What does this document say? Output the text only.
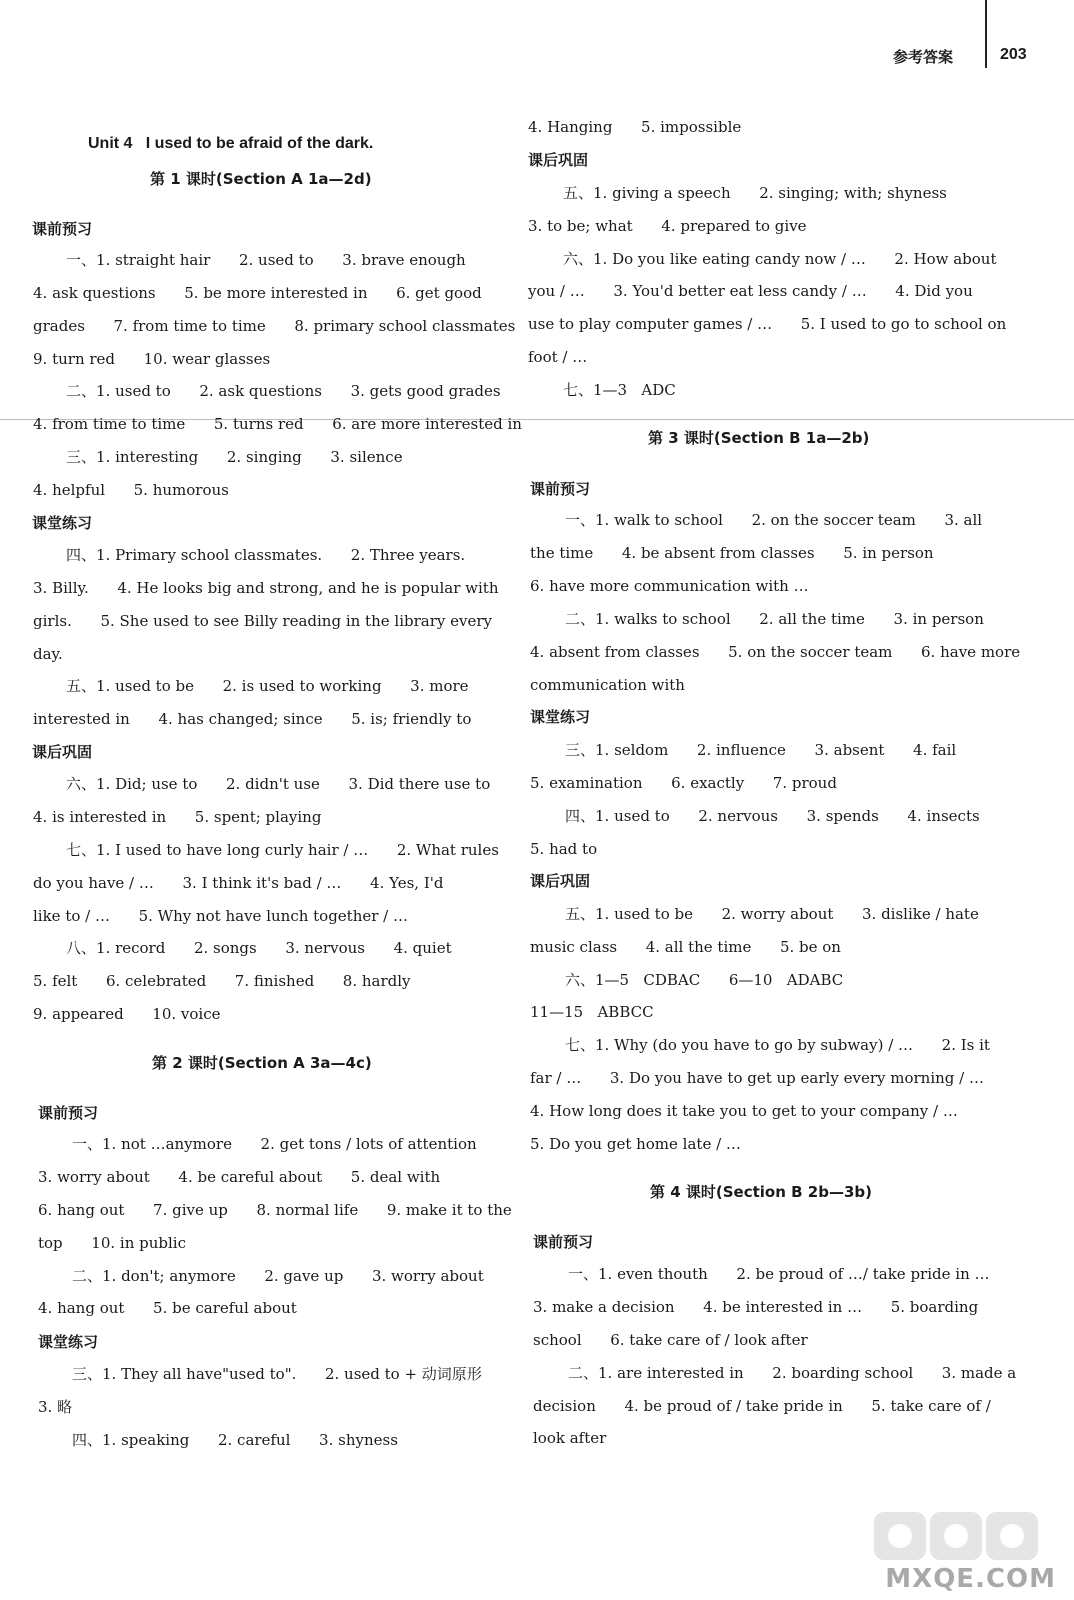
参考答案	203
Unit 4   I used to be afraid of the dark.
第 1 课时(Section A 1a—2d)
课前预习
一、1. straight hair      2. used to      3. brave enough
4. ask questions      5. be more interested in      6. get good
grades      7. from time to time      8. primary school classmates
9. turn red      10. wear glasses
二、1. used to      2. ask questions      3. gets good grades
4. from time to time      5. turns red      6. are more interested in
三、1. interesting      2. singing      3. silence
4. helpful      5. humorous
课堂练习
四、1. Primary school classmates.      2. Three years.
3. Billy.      4. He looks big and strong, and he is popular with
girls.      5. She used to see Billy reading in the library every
day.
五、1. used to be      2. is used to working      3. more
interested in      4. has changed; since      5. is; friendly to
课后巩固
六、1. Did; use to      2. didn't use      3. Did there use to
4. is interested in      5. spent; playing
七、1. I used to have long curly hair / …      2. What rules
do you have / …      3. I think it's bad / …      4. Yes, I'd
like to / …      5. Why not have lunch together / …
八、1. record      2. songs      3. nervous      4. quiet
5. felt      6. celebrated      7. finished      8. hardly
9. appeared      10. voice
第 2 课时(Section A 3a—4c)
课前预习
一、1. not …anymore      2. get tons / lots of attention
3. worry about      4. be careful about      5. deal with
6. hang out      7. give up      8. normal life      9. make it to the
top      10. in public
二、1. don't; anymore      2. gave up      3. worry about
4. hang out      5. be careful about
课堂练习
三、1. They all have"used to".      2. used to + 动词原形
3. 略
四、1. speaking      2. careful      3. shyness
4. Hanging      5. impossible
课后巩固
五、1. giving a speech      2. singing; with; shyness
3. to be; what      4. prepared to give
六、1. Do you like eating candy now / …      2. How about
you / …      3. You'd better eat less candy / …      4. Did you
use to play computer games / …      5. I used to go to school on
foot / …
七、1—3   ADC
第 3 课时(Section B 1a—2b)
课前预习
一、1. walk to school      2. on the soccer team      3. all
the time      4. be absent from classes      5. in person
6. have more communication with …
二、1. walks to school      2. all the time      3. in person
4. absent from classes      5. on the soccer team      6. have more
communication with
课堂练习
三、1. seldom      2. influence      3. absent      4. fail
5. examination      6. exactly      7. proud
四、1. used to      2. nervous      3. spends      4. insects
5. had to
课后巩固
五、1. used to be      2. worry about      3. dislike / hate
music class      4. all the time      5. be on
六、1—5   CDBAC      6—10   ADABC
11—15   ABBCC
七、1. Why (do you have to go by subway) / …      2. Is it
far / …      3. Do you have to get up early every morning / …
4. How long does it take you to get to your company / …
5. Do you get home late / …
第 4 课时(Section B 2b—3b)
课前预习
一、1. even thouth      2. be proud of …/ take pride in …
3. make a decision      4. be interested in …      5. boarding
school      6. take care of / look after
二、1. are interested in      2. boarding school      3. made a
decision      4. be proud of / take pride in      5. take care of /
look after
MXQE.COM
